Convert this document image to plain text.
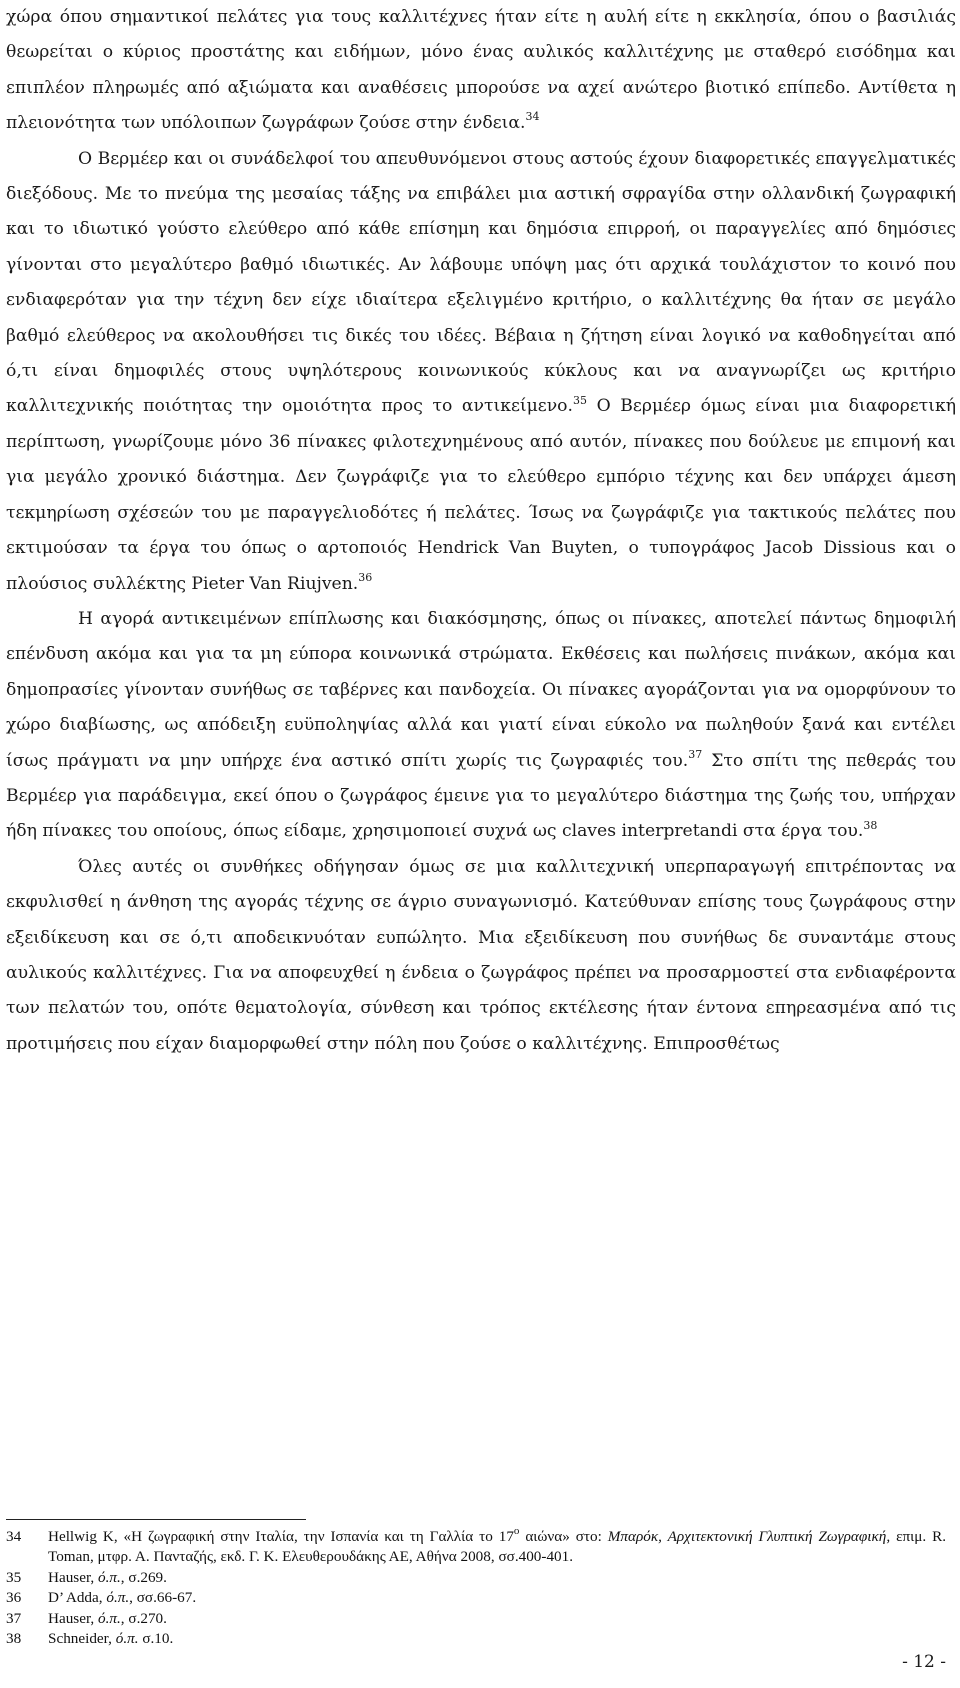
χώρα όπου σημαντικοί πελάτες για τους καλλιτέχνες ήταν είτε η αυλή είτε η εκκλησία, όπου ο βασιλιάς θεωρείται ο κύριος προστάτης και ειδήμων, μόνο ένας αυλικός καλλιτέχνης με σταθερό εισόδημα και επιπλέον πληρωμές από αξιώματα και αναθέσεις μπορούσε να αχεί ανώτερο βιοτικό επίπεδο. Αντίθετα η πλειονότητα των υπόλοιπων ζωγράφων ζούσε στην ένδεια.$^{34}$

Ο Βερμέερ και οι συνάδελφοί του απευθυνόμενοι στους αστούς έχουν διαφορετικές επαγγελματικές διεξόδους. Με το πνεύμα της μεσαίας τάξης να επιβάλει μια αστική σφραγίδα στην ολλανδική ζωγραφική και το ιδιωτικό γούστο ελεύθερο από κάθε επίσημη και δημόσια επιρροή, οι παραγγελίες από δημόσιες γίνονται στο μεγαλύτερο βαθμό ιδιωτικές. Αν λάβουμε υπόψη μας ότι αρχικά τουλάχιστον το κοινό που ενδιαφερόταν για την τέχνη δεν είχε ιδιαίτερα εξελιγμένο κριτήριο, ο καλλιτέχνης θα ήταν σε μεγάλο βαθμό ελεύθερος να ακολουθήσει τις δικές του ιδέες. Βέβαια η ζήτηση είναι λογικό να καθοδηγείται από ό,τι είναι δημοφιλές στους υψηλότερους κοινωνικούς κύκλους και να αναγνωρίζει ως κριτήριο καλλιτεχνικής ποιότητας την ομοιότητα προς το αντικείμενο.$^{35}$ Ο Βερμέερ όμως είναι μια διαφορετική περίπτωση, γνωρίζουμε μόνο 36 πίνακες φιλοτεχνημένους από αυτόν, πίνακες που δούλευε με επιμονή και για μεγάλο χρονικό διάστημα. Δεν ζωγράφιζε για το ελεύθερο εμπόριο τέχνης και δεν υπάρχει άμεση τεκμηρίωση σχέσεών του με παραγγελιοδότες ή πελάτες. Ίσως να ζωγράφιζε για τακτικούς πελάτες που εκτιμούσαν τα έργα του όπως ο αρτοποιός Hendrick Van Buyten, ο τυπογράφος Jacob Dissious και ο πλούσιος συλλέκτης Pieter Van Riujven.$^{36}$

Η αγορά αντικειμένων επίπλωσης και διακόσμησης, όπως οι πίνακες, αποτελεί πάντως δημοφιλή επένδυση ακόμα και για τα μη εύπορα κοινωνικά στρώματα. Εκθέσεις και πωλήσεις πινάκων, ακόμα και δημοπρασίες γίνονταν συνήθως σε ταβέρνες και πανδοχεία. Οι πίνακες αγοράζονται για να ομορφύνουν το χώρο διαβίωσης, ως απόδειξη ευϋποληψίας αλλά και γιατί είναι εύκολο να πωληθούν ξανά και εντέλει ίσως πράγματι να μην υπήρχε ένα αστικό σπίτι χωρίς τις ζωγραφιές του.$^{37}$ Στο σπίτι της πεθεράς του Βερμέερ για παράδειγμα, εκεί όπου ο ζωγράφος έμεινε για το μεγαλύτερο διάστημα της ζωής του, υπήρχαν ήδη πίνακες του οποίους, όπως είδαμε, χρησιμοποιεί συχνά ως claves interpretandi στα έργα του.$^{38}$

Όλες αυτές οι συνθήκες οδήγησαν όμως σε μια καλλιτεχνική υπερπαραγωγή επιτρέποντας να εκφυλισθεί η άνθηση της αγοράς τέχνης σε άγριο συναγωνισμό. Κατεύθυναν επίσης τους ζωγράφους στην εξειδίκευση και σε ό,τι αποδεικνυόταν ευπώλητο. Μια εξειδίκευση που συνήθως δε συναντάμε στους αυλικούς καλλιτέχνες. Για να αποφευχθεί η ένδεια ο ζωγράφος πρέπει να προσαρμοστεί στα ενδιαφέροντα των πελατών του, οπότε θεματολογία, σύνθεση και τρόπος εκτέλεσης ήταν έντονα επηρεασμένα από τις προτιμήσεις που είχαν διαμορφωθεί στην πόλη που ζούσε ο καλλιτέχνης. Επιπροσθέτως

34	Hellwig K, «Η ζωγραφική στην Ιταλία, την Ισπανία και τη Γαλλία το $17^o$ αιώνα» στο: Μπαρόκ, Αρχιτεκτονική Γλυπτική Ζωγραφική, επιμ. R. Toman, μτφρ. Α. Πανταζής, εκδ. Γ. Κ. Ελευθερουδάκης ΑΕ, Αθήνα 2008, σσ.400-401.
35	Hauser, ό.π., σ.269.
36	D’ Adda, ό.π., σσ.66-67.
37	Hauser, ό.π., σ.270.
38	Schneider, ό.π. σ.10.
- 12 -
